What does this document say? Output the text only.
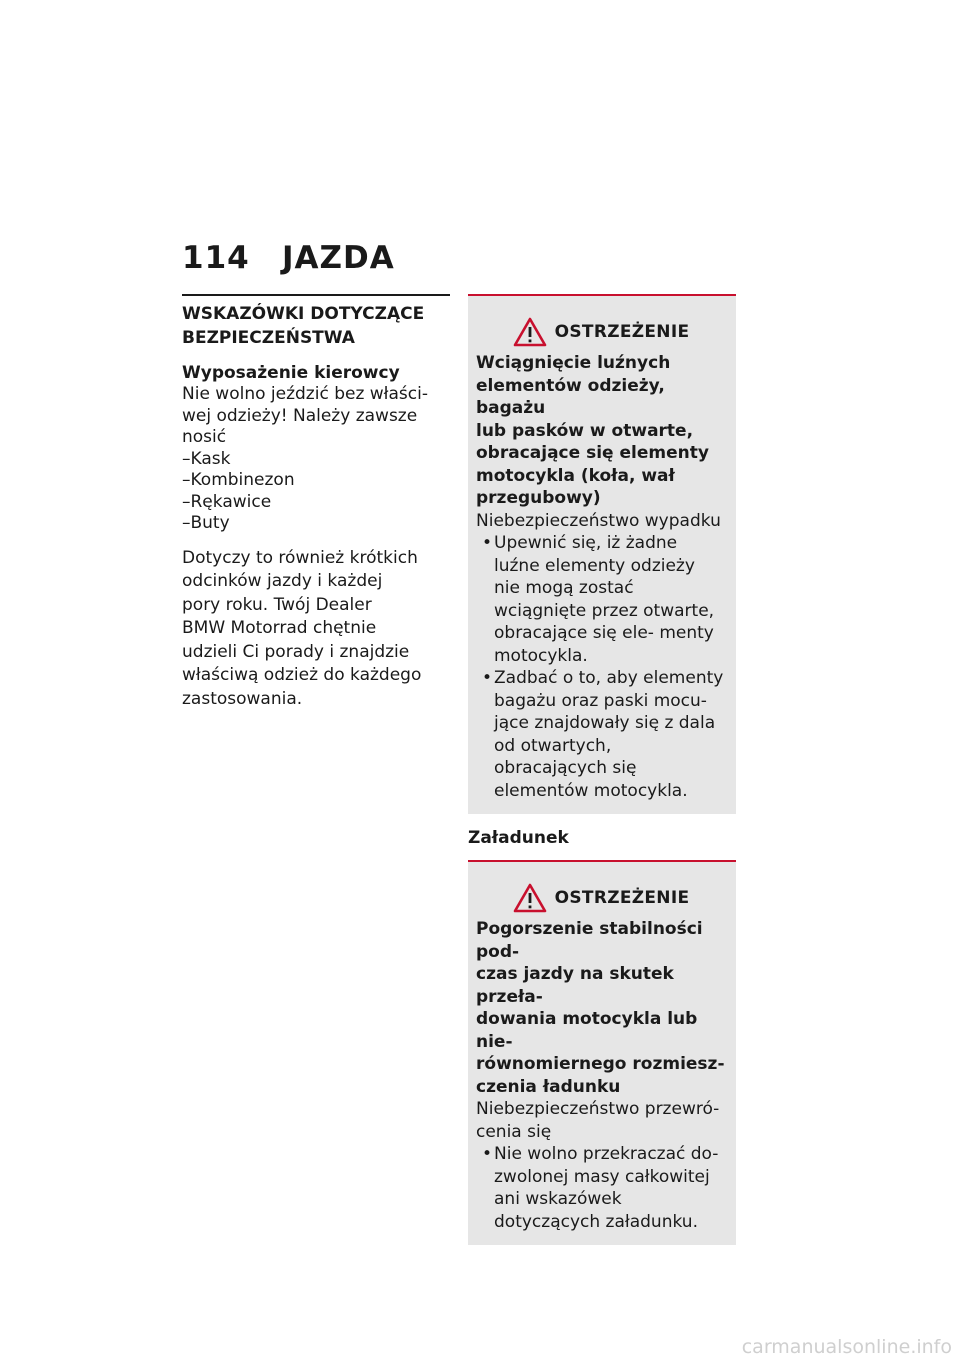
114 JAZDA
WSKAZÓWKI DOTYCZĄCE
BEZPIECZEŃSTWA
Wyposażenie kierowcy

Nie wolno jeździć bez właści-

wej odzieży! Należy zawsze

nosić

– Kask
– Kombinezon
– Rękawice
– Buty

Dotyczy to również krótkich

odcinków jazdy i każdej

pory roku. Twój Dealer

BMW Motorrad chętnie

udzieli Ci porady i znajdzie

właściwą odzież do każdego

zastosowania.

OSTRZEŻENIE
Wciągnięcie luźnych
elementów odzieży, bagażu
lub pasków w otwarte,
obracające się elementy
motocykla (koła, wał
przegubowy)

Niebezpieczeństwo wypadku

• Upewnić się, iż żadne luźne elementy odzieży nie mogą zostać wciągnięte przez otwarte, obracające się ele- menty motocykla.
• Zadbać o to, aby elementy bagażu oraz paski mocu- jące znajdowały się z dala od otwartych, obracających się elementów motocykla.
Załadunek
OSTRZEŻENIE
Pogorszenie stabilności pod-
czas jazdy na skutek przeła-
dowania motocykla lub nie-
równomiernego rozmiesz-
czenia ładunku

Niebezpieczeństwo przewró-

cenia się

• Nie wolno przekraczać do- zwolonej masy całkowitej ani wskazówek dotyczących załadunku.
carmanualsonline.info
